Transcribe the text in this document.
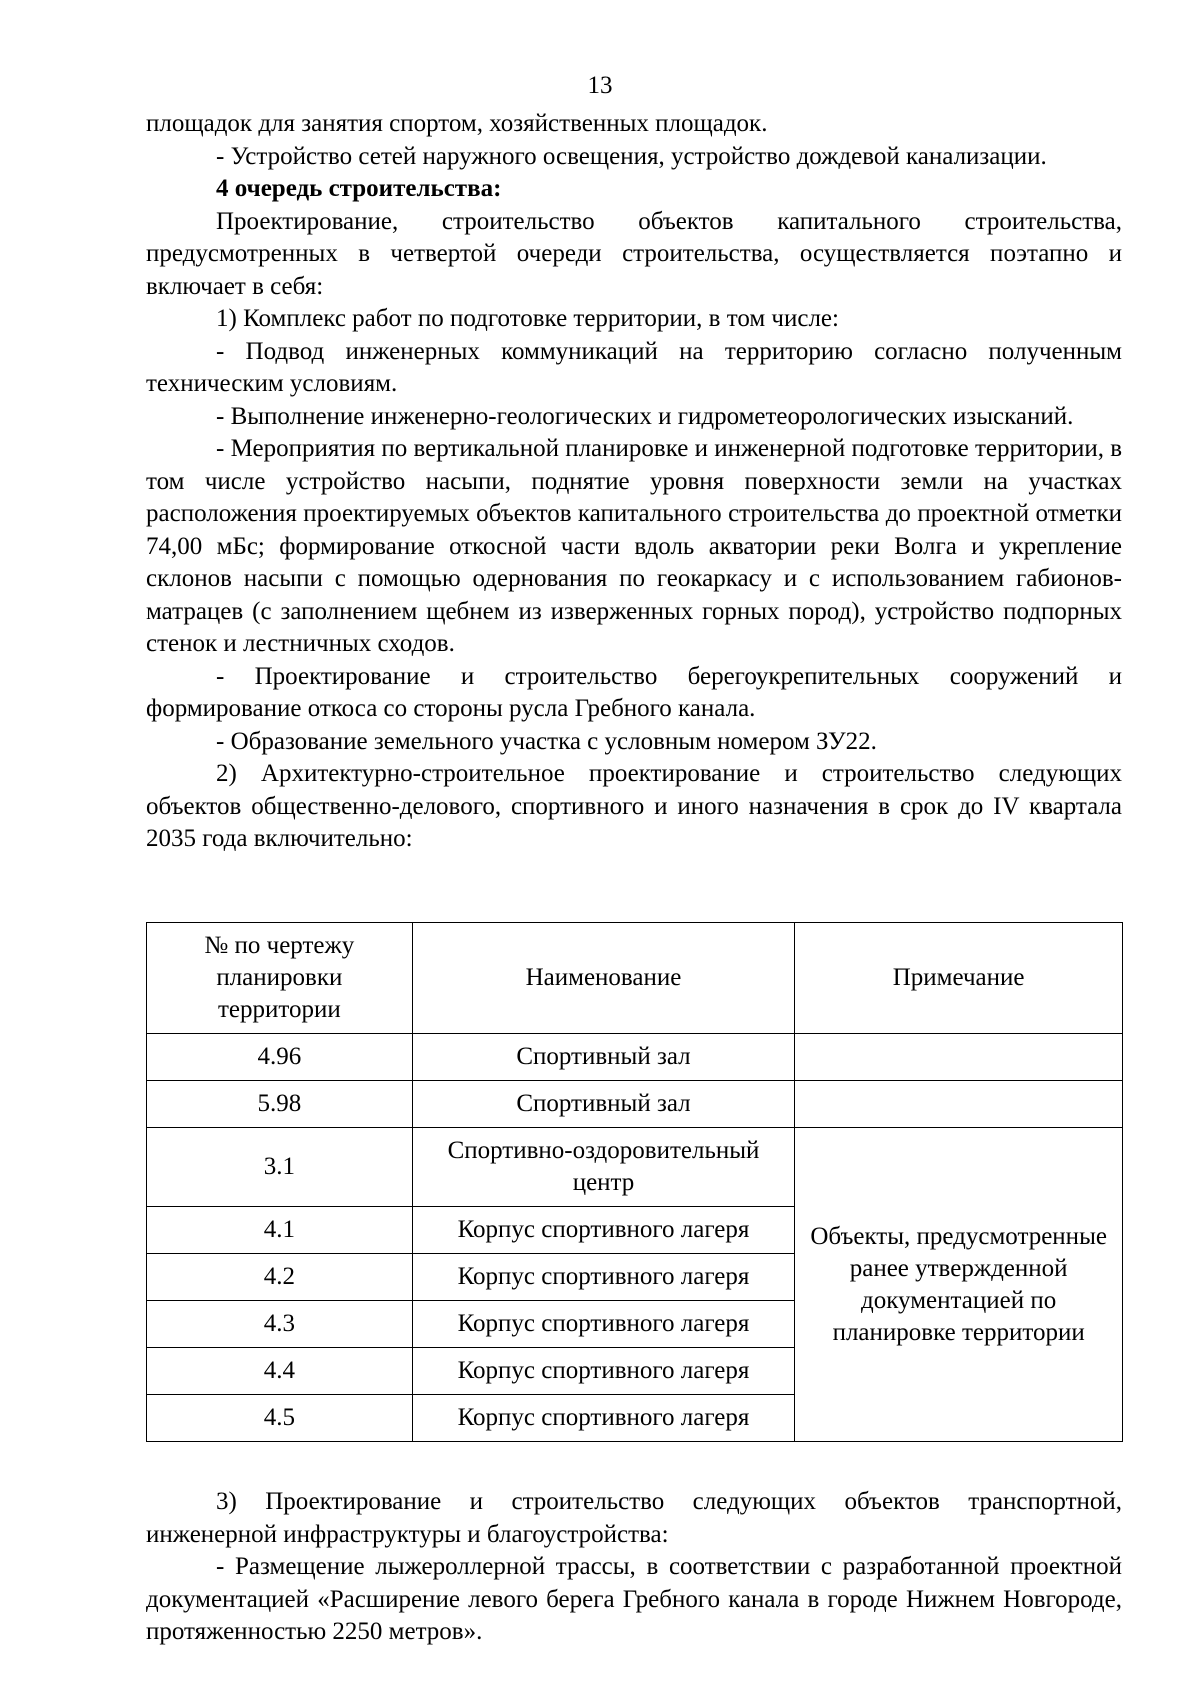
13

площадок для занятия спортом, хозяйственных площадок.

- Устройство сетей наружного освещения, устройство дождевой канализации.

4 очередь строительства:

Проектирование, строительство объектов капитального строительства, предусмотренных в четвертой очереди строительства, осуществляется поэтапно и включает в себя:

1) Комплекс работ по подготовке территории, в том числе:

- Подвод инженерных коммуникаций на территорию согласно полученным техническим условиям.

- Выполнение инженерно-геологических и гидрометеорологических изысканий.

- Мероприятия по вертикальной планировке и инженерной подготовке территории, в том числе устройство насыпи, поднятие уровня поверхности земли на участках расположения проектируемых объектов капитального строительства до проектной отметки 74,00 мБс; формирование откосной части вдоль акватории реки Волга и укрепление склонов насыпи с помощью одернования по геокаркасу и с использованием габионов-матрацев (с заполнением щебнем из изверженных горных пород), устройство подпорных стенок и лестничных сходов.

- Проектирование и строительство берегоукрепительных сооружений и формирование откоса со стороны русла Гребного канала.

- Образование земельного участка с условным номером ЗУ22.

2) Архитектурно-строительное проектирование и строительство следующих объектов общественно-делового, спортивного и иного назначения в срок до IV квартала 2035 года включительно:

№ по чертежу планировки территории	Наименование	Примечание
4.96	Спортивный зал	
5.98	Спортивный зал	
3.1	Спортивно-оздоровительный центр	Объекты, предусмотренные ранее утвержденной документацией по планировке территории
4.1	Корпус спортивного лагеря	
4.2	Корпус спортивного лагеря	
4.3	Корпус спортивного лагеря	
4.4	Корпус спортивного лагеря	
4.5	Корпус спортивного лагеря	

3) Проектирование и строительство следующих объектов транспортной, инженерной инфраструктуры и благоустройства:

- Размещение лыжероллерной трассы, в соответствии с разработанной проектной документацией «Расширение левого берега Гребного канала в городе Нижнем Новгороде, протяженностью 2250 метров».
